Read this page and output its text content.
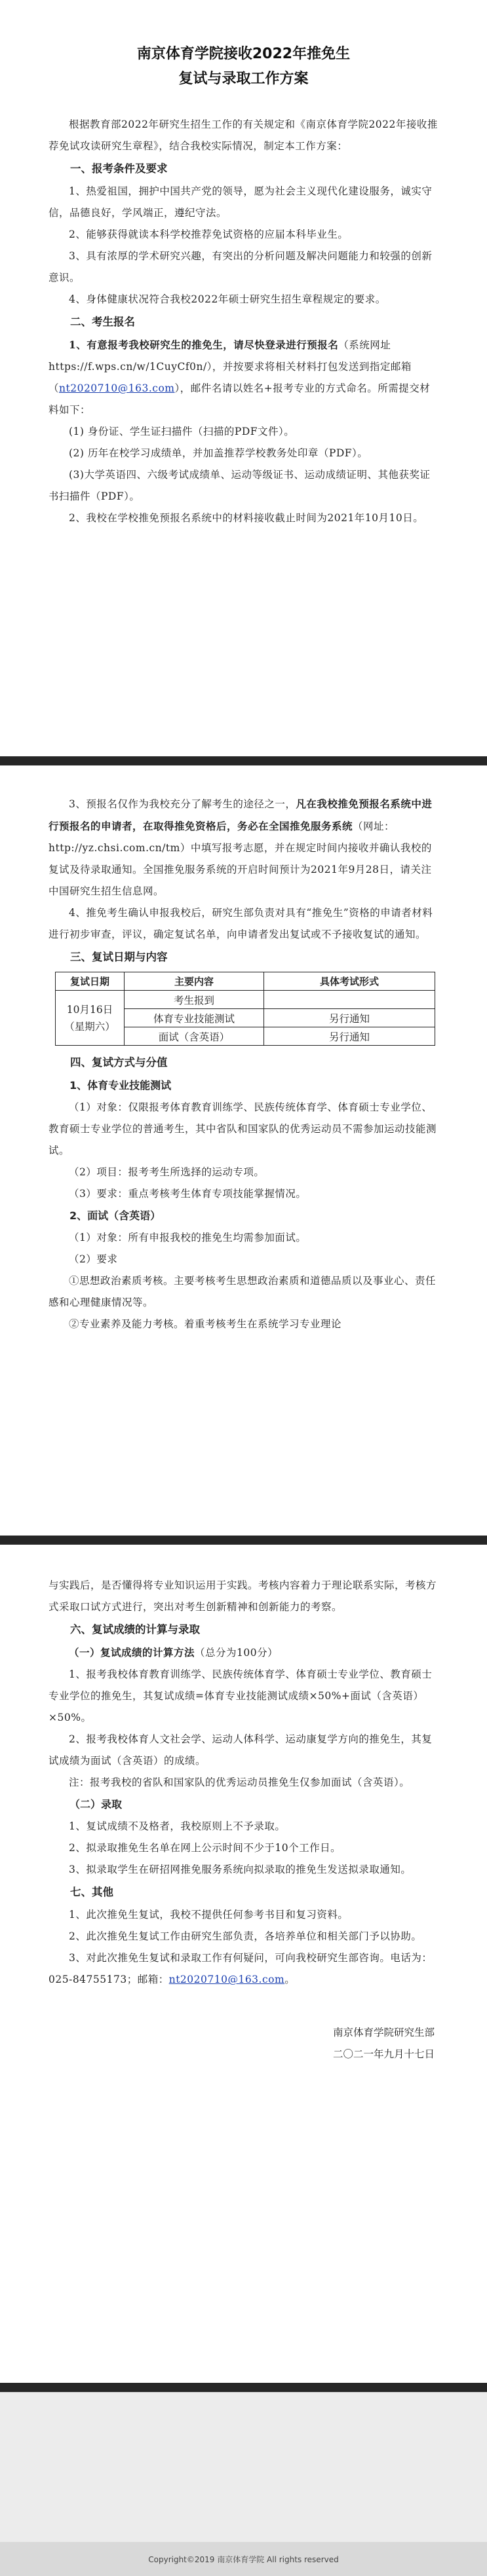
南京体育学院接收2022年推免生
复试与录取工作方案

根据教育部2022年研究生招生工作的有关规定和《南京体育学院2022年接收推荐免试攻读研究生章程》，结合我校实际情况，制定本工作方案：

一、报考条件及要求

1、热爱祖国，拥护中国共产党的领导，愿为社会主义现代化建设服务，诚实守信，品德良好，学风端正，遵纪守法。

2、能够获得就读本科学校推荐免试资格的应届本科毕业生。

3、具有浓厚的学术研究兴趣，有突出的分析问题及解决问题能力和较强的创新意识。

4、身体健康状况符合我校2022年硕士研究生招生章程规定的要求。

二、考生报名

1、有意报考我校研究生的推免生，请尽快登录进行预报名（系统网址 https://f.wps.cn/w/1CuyCf0n/），并按要求将相关材料打包发送到指定邮箱（nt2020710@163.com），邮件名请以姓名+报考专业的方式命名。所需提交材料如下：

(1) 身份证、学生证扫描件（扫描的PDF文件）。

(2) 历年在校学习成绩单，并加盖推荐学校教务处印章（PDF）。

(3)大学英语四、六级考试成绩单、运动等级证书、运动成绩证明、其他获奖证书扫描件（PDF）。

2、我校在学校推免预报名系统中的材料接收截止时间为2021年10月10日。

3、预报名仅作为我校充分了解考生的途径之一，凡在我校推免预报名系统中进行预报名的申请者，在取得推免资格后，务必在全国推免服务系统（网址：http://yz.chsi.com.cn/tm）中填写报考志愿，并在规定时间内接收并确认我校的复试及待录取通知。全国推免服务系统的开启时间预计为2021年9月28日，请关注中国研究生招生信息网。

4、推免考生确认申报我校后，研究生部负责对具有“推免生”资格的申请者材料进行初步审查，评议，确定复试名单，向申请者发出复试或不予接收复试的通知。

三、复试日期与内容
复试日期	主要内容	具体考试形式
10月16日（星期六）	考生报到	
	体育专业技能测试	另行通知
	面试（含英语）	另行通知
四、复试方式与分值
1、体育专业技能测试

（1）对象：仅限报考体育教育训练学、民族传统体育学、体育硕士专业学位、教育硕士专业学位的普通考生，其中省队和国家队的优秀运动员不需参加运动技能测试。

（2）项目：报考考生所选择的运动专项。

（3）要求：重点考核考生体育专项技能掌握情况。

2、面试（含英语）

（1）对象：所有申报我校的推免生均需参加面试。

（2）要求

①思想政治素质考核。主要考核考生思想政治素质和道德品质以及事业心、责任感和心理健康情况等。

②专业素养及能力考核。着重考核考生在系统学习专业理论

与实践后，是否懂得将专业知识运用于实践。考核内容着力于理论联系实际，考核方式采取口试方式进行，突出对考生创新精神和创新能力的考察。

六、复试成绩的计算与录取

（一）复试成绩的计算方法（总分为100分）

1、报考我校体育教育训练学、民族传统体育学、体育硕士专业学位、教育硕士专业学位的推免生，其复试成绩=体育专业技能测试成绩×50%+面试（含英语）×50%。

2、报考我校体育人文社会学、运动人体科学、运动康复学方向的推免生，其复试成绩为面试（含英语）的成绩。

注：报考我校的省队和国家队的优秀运动员推免生仅参加面试（含英语）。

（二）录取

1、复试成绩不及格者，我校原则上不予录取。

2、拟录取推免生名单在网上公示时间不少于10个工作日。

3、拟录取学生在研招网推免服务系统向拟录取的推免生发送拟录取通知。

七、其他

1、此次推免生复试，我校不提供任何参考书目和复习资料。

2、此次推免生复试工作由研究生部负责，各培养单位和相关部门予以协助。

3、对此次推免生复试和录取工作有何疑问，可向我校研究生部咨询。电话为：025-84755173；邮箱：nt2020710@163.com。

南京体育学院研究生部
二〇二一年九月十七日
Copyright©2019 南京体育学院 All rights reserved
